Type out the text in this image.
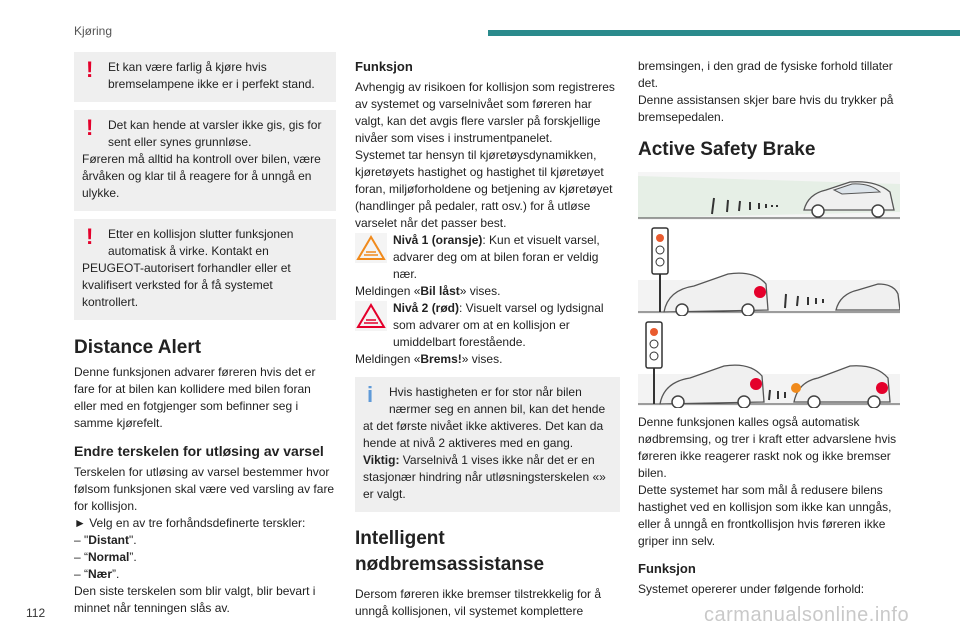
Kjøring
! Et kan være farlig å kjøre hvis bremselampene ikke er i perfekt stand.
! Det kan hende at varsler ikke gis, gis for sent eller synes grunnløse.
Føreren må alltid ha kontroll over bilen, være årvåken og klar til å reagere for å unngå en ulykke.
! Etter en kollisjon slutter funksjonen automatisk å virke. Kontakt en
PEUGEOT-autorisert forhandler eller et kvalifisert verksted for å få systemet kontrollert.
Distance Alert

Denne funksjonen advarer føreren hvis det er fare for at bilen kan kollidere med bilen foran eller med en fotgjenger som befinner seg i samme kjørefelt.

Endre terskelen for utløsing av varsel

Terskelen for utløsing av varsel bestemmer hvor følsom funksjonen skal være ved varsling av fare for kollisjon.

► Velg en av tre forhåndsdefinerte terskler:

– "Distant".

– “Normal”.

– “Nær”.

Den siste terskelen som blir valgt, blir bevart i minnet når tenningen slås av.

Funksjon

Avhengig av risikoen for kollisjon som registreres av systemet og varselnivået som føreren har valgt, kan det avgis flere varsler på forskjellige nivåer som vises i instrumentpanelet.

Systemet tar hensyn til kjøretøysdynamikken, kjøretøyets hastighet og hastighet til kjøretøyet foran, miljøforholdene og betjening av kjøretøyet (handlinger på pedaler, ratt osv.) for å utløse varselet når det passer best.

Nivå 1 (oransje): Kun et visuelt varsel, advarer deg om at bilen foran er veldig nær.

Meldingen «Bil låst» vises.

Nivå 2 (rød): Visuelt varsel og lydsignal som advarer om at en kollisjon er umiddelbart forestående.

Meldingen «Brems!» vises.

i Hvis hastigheten er for stor når bilen nærmer seg en annen bil, kan det hende
at det første nivået ikke aktiveres. Det kan da hende at nivå 2 aktiveres med en gang.
Viktig: Varselnivå 1 vises ikke når det er en stasjonær hindring når utløsningsterskelen «» er valgt.
Intelligent nødbremsassistanse

Dersom føreren ikke bremser tilstrekkelig for å unngå kollisjonen, vil systemet komplettere

bremsingen, i den grad de fysiske forhold tillater det.

Denne assistansen skjer bare hvis du trykker på bremsepedalen.

Active Safety Brake

Denne funksjonen kalles også automatisk nødbremsing, og trer i kraft etter advarslene hvis føreren ikke reagerer raskt nok og ikke bremser bilen.

Dette systemet har som mål å redusere bilens hastighet ved en kollisjon som ikke kan unngås, eller å unngå en frontkollisjon hvis føreren ikke griper inn selv.

Funksjon

Systemet opererer under følgende forhold:

112	carmanualsonline.info
